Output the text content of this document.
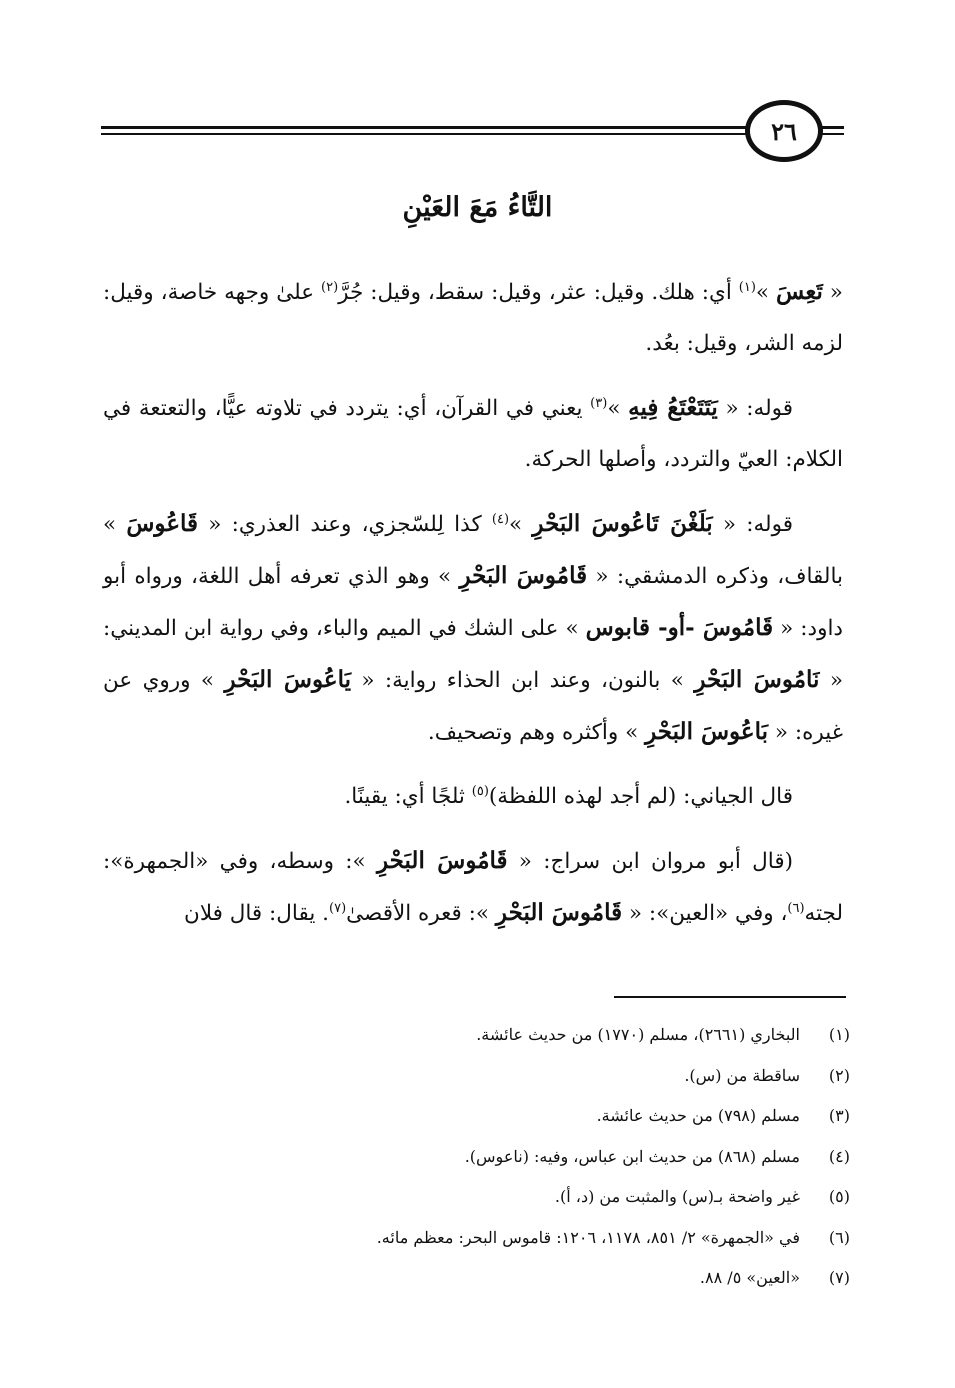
٢٦
التَّاءُ مَعَ العَيْنِ

« تَعِسَ »$^{(١)}$ أي: هلك. وقيل: عثر، وقيل: سقط، وقيل: جُرَّ$^{(٢)}$ علىٰ وجهه خاصة، وقيل: لزمه الشر، وقيل: بعُد.

قوله: « يَتَتَعْتَعُ فِيهِ »$^{(٣)}$ يعني في القرآن، أي: يتردد في تلاوته عيًّا، والتعتعة في الكلام: العيّ والتردد، وأصلها الحركة.

قوله: « بَلَغْنَ تَاعُوسَ البَحْرِ »$^{(٤)}$ كذا لِلسّجزي، وعند العذري: « قَاعُوسَ » بالقاف، وذكره الدمشقي: « قَامُوسَ البَحْرِ » وهو الذي تعرفه أهل اللغة، ورواه أبو داود: « قَامُوسَ -أو- قابوس » على الشك في الميم والباء، وفي رواية ابن المديني: « نَامُوسَ البَحْرِ » بالنون، وعند ابن الحذاء رواية: « يَاعُوسَ البَحْرِ » وروي عن غيره: « بَاعُوسَ البَحْرِ » وأكثره وهم وتصحيف.

قال الجياني: (لم أجد لهذه اللفظة)$^{(٥)}$ ثلجًا أي: يقينًا.

(قال أبو مروان ابن سراج: « قَامُوسَ البَحْرِ »: وسطه، وفي «الجمهرة»: لجته$^{(٦)}$، وفي «العين»: « قَامُوسَ البَحْرِ »: قعره الأقصىٰ$^{(٧)}$. يقال: قال فلان

(١)
البخاري (٢٦٦١)، مسلم (١٧٧٠) من حديث عائشة.
(٢)
ساقطة من (س).
(٣)
مسلم (٧٩٨) من حديث عائشة.
(٤)
مسلم (٨٦٨) من حديث ابن عباس، وفيه: (ناعوس).
(٥)
غير واضحة بـ(س) والمثبت من (د، أ).
(٦)
في «الجمهرة» ٢/ ٨٥١، ١١٧٨، ١٢٠٦: قاموس البحر: معظم مائه.
(٧)
«العين» ٥/ ٨٨.
